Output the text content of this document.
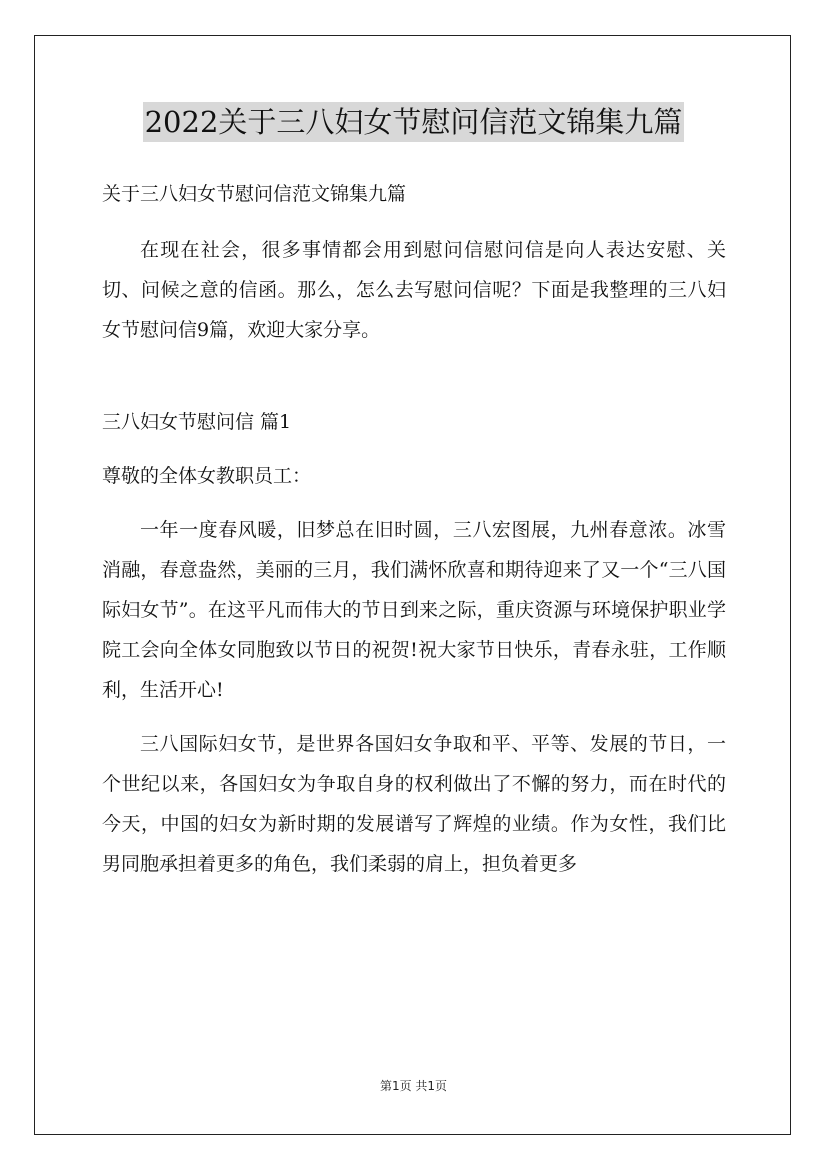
2022关于三八妇女节慰问信范文锦集九篇

关于三八妇女节慰问信范文锦集九篇

在现在社会，很多事情都会用到慰问信慰问信是向人表达安慰、关切、问候之意的信函。那么，怎么去写慰问信呢？下面是我整理的三八妇女节慰问信9篇，欢迎大家分享。

三八妇女节慰问信 篇1

尊敬的全体女教职员工：

一年一度春风暖，旧梦总在旧时圆，三八宏图展，九州春意浓。冰雪消融，春意盎然，美丽的三月，我们满怀欣喜和期待迎来了又一个“三八国际妇女节”。在这平凡而伟大的节日到来之际，重庆资源与环境保护职业学院工会向全体女同胞致以节日的祝贺!祝大家节日快乐，青春永驻，工作顺利，生活开心!

三八国际妇女节，是世界各国妇女争取和平、平等、发展的节日，一个世纪以来，各国妇女为争取自身的权利做出了不懈的努力，而在时代的今天，中国的妇女为新时期的发展谱写了辉煌的业绩。作为女性，我们比男同胞承担着更多的角色，我们柔弱的肩上，担负着更多

第1页 共1页
